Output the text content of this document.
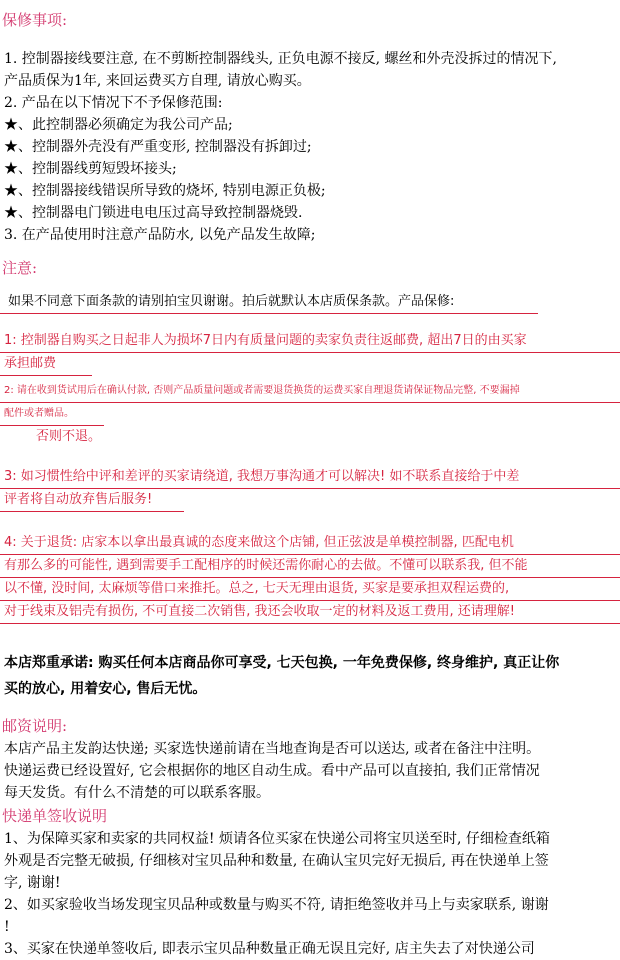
保修事项:
1. 控制器接线要注意, 在不剪断控制器线头, 正负电源不接反, 螺丝和外壳没拆过的情况下,
产品质保为1年, 来回运费买方自理, 请放心购买。
2. 产品在以下情况下不予保修范围:
★、此控制器必须确定为我公司产品;
★、控制器外壳没有严重变形, 控制器没有拆卸过;
★、控制器线剪短毁坏接头;
★、控制器接线错误所导致的烧坏, 特别电源正负极;
★、控制器电门锁进电电压过高导致控制器烧毁.
3. 在产品使用时注意产品防水, 以免产品发生故障;
注意:
如果不同意下面条款的请别拍宝贝谢谢。拍后就默认本店质保条款。产品保修:
1: 控制器自购买之日起非人为损坏7日内有质量问题的卖家负责往返邮费, 超出7日的由买家
承担邮费
2: 请在收到货试用后在确认付款, 否则产品质量问题或者需要退货换货的运费买家自理退货请保证物品完整, 不要漏掉
配件或者赠品。
否则不退。
3: 如习惯性给中评和差评的买家请绕道, 我想万事沟通才可以解决! 如不联系直接给于中差
评者将自动放弃售后服务!
4: 关于退货: 店家本以拿出最真诚的态度来做这个店铺, 但正弦波是单模控制器, 匹配电机
有那么多的可能性, 遇到需要手工配相序的时候还需你耐心的去做。不懂可以联系我, 但不能
以不懂, 没时间, 太麻烦等借口来推托。总之, 七天无理由退货, 买家是要承担双程运费的,
对于线束及铝壳有损伤, 不可直接二次销售, 我还会收取一定的材料及返工费用, 还请理解!
本店郑重承诺: 购买任何本店商品你可享受, 七天包换, 一年免费保修, 终身维护, 真正让你
买的放心, 用着安心, 售后无忧。
邮资说明:
本店产品主发韵达快递; 买家选快递前请在当地查询是否可以送达, 或者在备注中注明。
快递运费已经设置好, 它会根据你的地区自动生成。看中产品可以直接拍, 我们正常情况
每天发货。有什么不清楚的可以联系客服。
快递单签收说明
1、为保障买家和卖家的共同权益! 烦请各位买家在快递公司将宝贝送至时, 仔细检查纸箱
外观是否完整无破损, 仔细核对宝贝品种和数量, 在确认宝贝完好无损后, 再在快递单上签
字, 谢谢!
2、如买家验收当场发现宝贝品种或数量与购买不符, 请拒绝签收并马上与卖家联系, 谢谢
!
3、买家在快递单签收后, 即表示宝贝品种数量正确无误且完好, 店主失去了对快递公司
